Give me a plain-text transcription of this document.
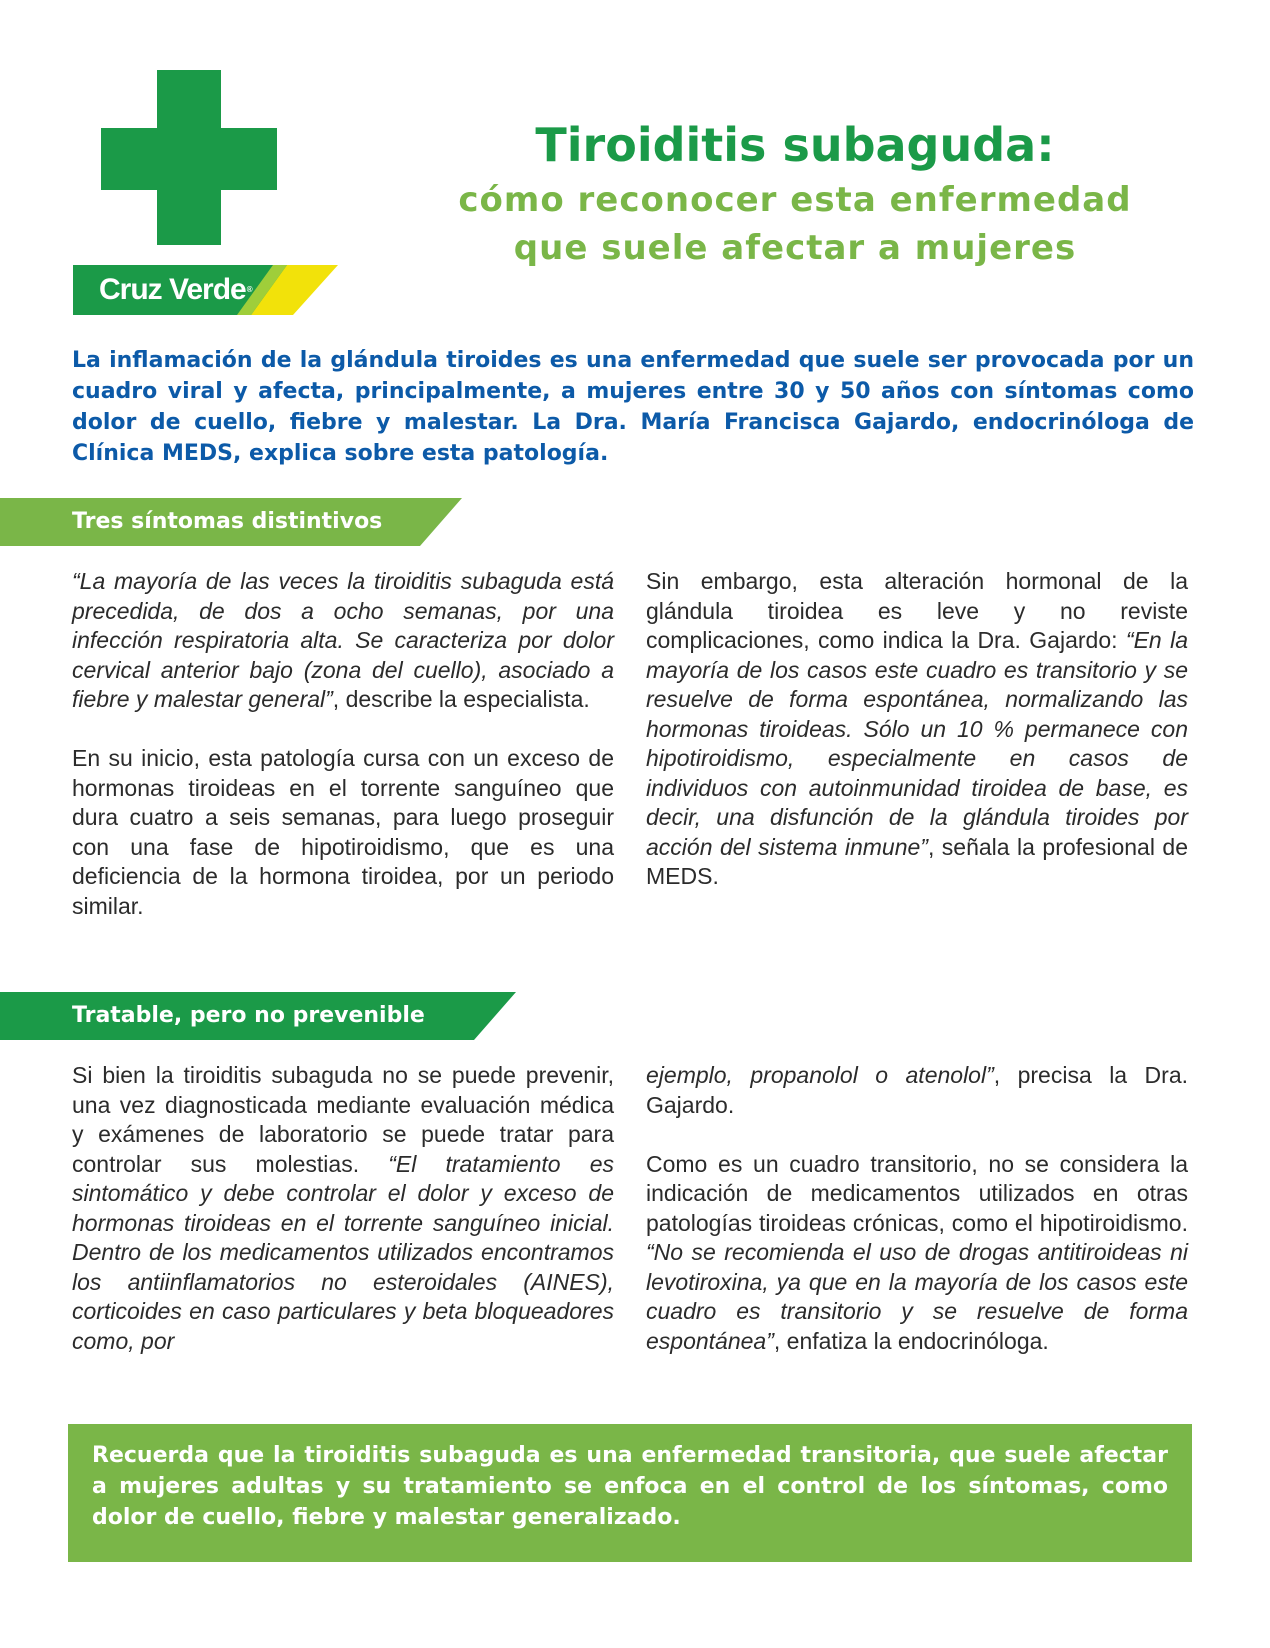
Cruz Verde®
Tiroiditis subaguda:
cómo reconocer esta enfermedad
que suele afectar a mujeres

La inflamación de la glándula tiroides es una enfermedad que suele ser provocada por un cuadro viral y afecta, principalmente, a mujeres entre 30 y 50 años con síntomas como dolor de cuello, fiebre y malestar. La Dra. María Francisca Gajardo, endocrinóloga de Clínica MEDS, explica sobre esta patología.

Tres síntomas distintivos

“La mayoría de las veces la tiroiditis subaguda está precedida, de dos a ocho semanas, por una infección respiratoria alta. Se caracteriza por dolor cervical anterior bajo (zona del cuello), asociado a fiebre y malestar general”, describe la especialista.

En su inicio, esta patología cursa con un exceso de hormonas tiroideas en el torrente sanguíneo que dura cuatro a seis semanas, para luego proseguir con una fase de hipotiroidismo, que es una deficiencia de la hormona tiroidea, por un periodo similar.

Sin embargo, esta alteración hormonal de la glándula tiroidea es leve y no reviste complicaciones, como indica la Dra. Gajardo: “En la mayoría de los casos este cuadro es transitorio y se resuelve de forma espontánea, normalizando las hormonas tiroideas. Sólo un 10 % permanece con hipotiroidismo, especialmente en casos de individuos con autoinmunidad tiroidea de base, es decir, una disfunción de la glándula tiroides por acción del sistema inmune”, señala la profesional de MEDS.

Tratable, pero no prevenible

Si bien la tiroiditis subaguda no se puede prevenir, una vez diagnosticada mediante evaluación médica y exámenes de laboratorio se puede tratar para controlar sus molestias. “El tratamiento es sintomático y debe controlar el dolor y exceso de hormonas tiroideas en el torrente sanguíneo inicial. Dentro de los medicamentos utilizados encontramos los antiinflamatorios no esteroidales (AINES), corticoides en caso particulares y beta bloqueadores como, por

ejemplo, propanolol o atenolol”, precisa la Dra. Gajardo.

Como es un cuadro transitorio, no se considera la indicación de medicamentos utilizados en otras patologías tiroideas crónicas, como el hipotiroidismo. “No se recomienda el uso de drogas antitiroideas ni levotiroxina, ya que en la mayoría de los casos este cuadro es transitorio y se resuelve de forma espontánea”, enfatiza la endocrinóloga.

Recuerda que la tiroiditis subaguda es una enfermedad transitoria, que suele afectar a mujeres adultas y su tratamiento se enfoca en el control de los síntomas, como dolor de cuello, fiebre y malestar generalizado.
